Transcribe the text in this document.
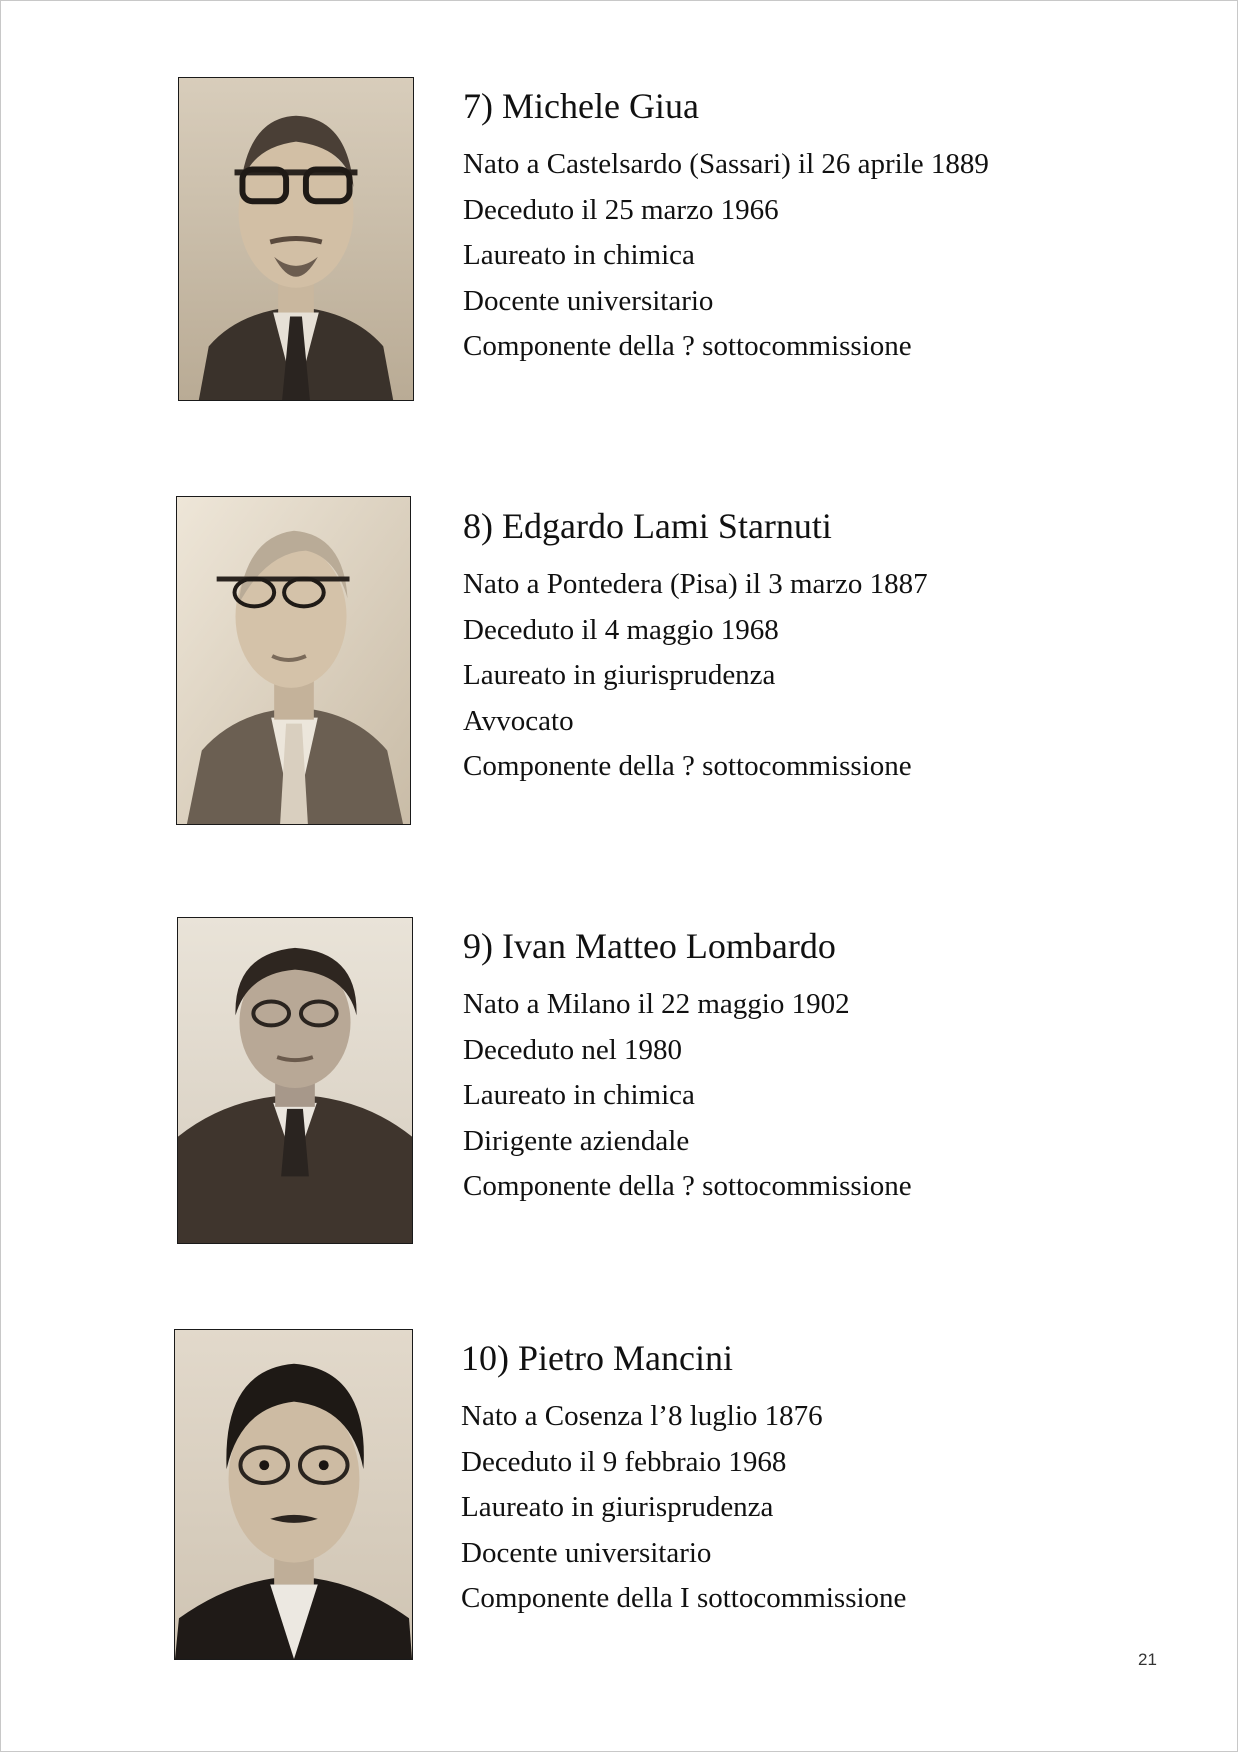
7) Michele Giua
Nato a Castelsardo (Sassari) il 26 aprile 1889
Deceduto il 25 marzo 1966
Laureato in chimica
Docente universitario
Componente della ? sottocommissione
8) Edgardo Lami Starnuti
Nato a Pontedera (Pisa) il 3 marzo 1887
Deceduto il 4 maggio 1968
Laureato in giurisprudenza
Avvocato
Componente della ? sottocommissione
9) Ivan Matteo Lombardo
Nato a Milano il 22 maggio 1902
Deceduto nel 1980
Laureato in chimica
Dirigente aziendale
Componente della ? sottocommissione
10) Pietro Mancini
Nato a Cosenza l’8 luglio 1876
Deceduto il 9 febbraio 1968
Laureato in giurisprudenza
Docente universitario
Componente della I sottocommissione
21
